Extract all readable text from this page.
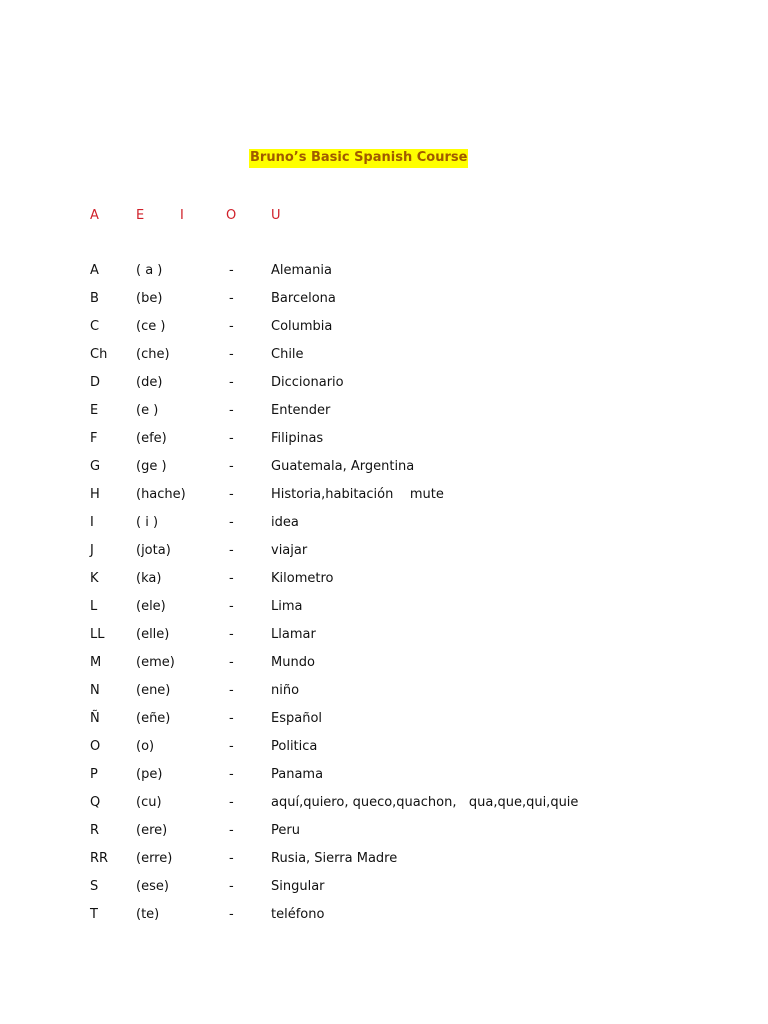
Bruno’s Basic Spanish Course
A	E	I	O	U
A	( a )	-	Alemania
B	(be)	-	Barcelona
C	(ce )	-	Columbia
Ch (che)	-	Chile
D	(de)	-	Diccionario
E	(e )	-	Entender
F	(efe)	-	Filipinas
G	(ge )	-	Guatemala, Argentina
H	(hache)	-	Historia,habitación    mute
I	( i )	-	idea
J	(jota)	-	viajar
K	(ka)	-	Kilometro
L	(ele)	-	Lima
LL (elle)	-	Llamar
M	(eme)	-	Mundo
N	(ene)	-	niño
Ñ	(eñe)	-	Español
O	(o)	-	Politica
P	(pe)	-	Panama
Q	(cu)	-	aquí,quiero, queco,quachon,   qua,que,qui,quie
R	(ere)	-	Peru
RR (erre)	-	Rusia, Sierra Madre
S	(ese)	-	Singular
T	(te)	-	teléfono
